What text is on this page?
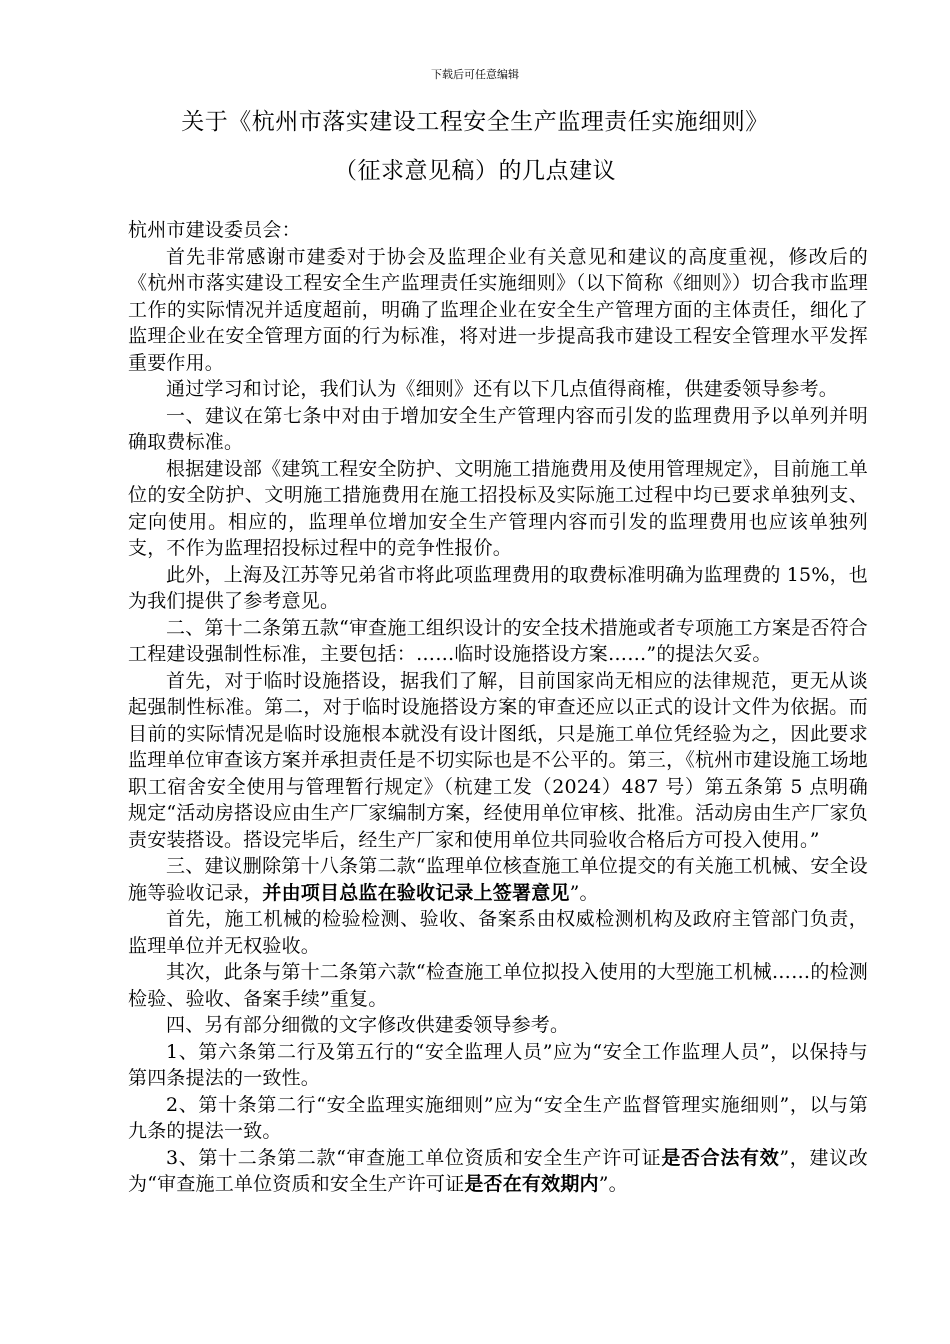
下载后可任意编辑
关于《杭州市落实建设工程安全生产监理责任实施细则》
（征求意见稿）的几点建议

杭州市建设委员会：

首先非常感谢市建委对于协会及监理企业有关意见和建议的高度重视，修改后的《杭州市落实建设工程安全生产监理责任实施细则》（以下简称《细则》）切合我市监理工作的实际情况并适度超前，明确了监理企业在安全生产管理方面的主体责任，细化了监理企业在安全管理方面的行为标准，将对进一步提高我市建设工程安全管理水平发挥重要作用。

通过学习和讨论，我们认为《细则》还有以下几点值得商榷，供建委领导参考。

一、建议在第七条中对由于增加安全生产管理内容而引发的监理费用予以单列并明确取费标准。

根据建设部《建筑工程安全防护、文明施工措施费用及使用管理规定》，目前施工单位的安全防护、文明施工措施费用在施工招投标及实际施工过程中均已要求单独列支、定向使用。相应的，监理单位增加安全生产管理内容而引发的监理费用也应该单独列支，不作为监理招投标过程中的竞争性报价。

此外，上海及江苏等兄弟省市将此项监理费用的取费标准明确为监理费的 15%，也为我们提供了参考意见。

二、第十二条第五款“审查施工组织设计的安全技术措施或者专项施工方案是否符合工程建设强制性标准，主要包括：……临时设施搭设方案……”的提法欠妥。

首先，对于临时设施搭设，据我们了解，目前国家尚无相应的法律规范，更无从谈起强制性标准。第二，对于临时设施搭设方案的审查还应以正式的设计文件为依据。而目前的实际情况是临时设施根本就没有设计图纸，只是施工单位凭经验为之，因此要求监理单位审查该方案并承担责任是不切实际也是不公平的。第三，《杭州市建设施工场地职工宿舍安全使用与管理暂行规定》（杭建工发（2024）487 号）第五条第 5 点明确规定“活动房搭设应由生产厂家编制方案，经使用单位审核、批准。活动房由生产厂家负责安装搭设。搭设完毕后，经生产厂家和使用单位共同验收合格后方可投入使用。”

三、建议删除第十八条第二款“监理单位核查施工单位提交的有关施工机械、安全设施等验收记录，并由项目总监在验收记录上签署意见”。

首先，施工机械的检验检测、验收、备案系由权威检测机构及政府主管部门负责，监理单位并无权验收。

其次，此条与第十二条第六款“检查施工单位拟投入使用的大型施工机械……的检测检验、验收、备案手续”重复。

四、另有部分细微的文字修改供建委领导参考。

1、第六条第二行及第五行的“安全监理人员”应为“安全工作监理人员”，以保持与第四条提法的一致性。

2、第十条第二行“安全监理实施细则”应为“安全生产监督管理实施细则”，以与第九条的提法一致。

3、第十二条第二款“审查施工单位资质和安全生产许可证是否合法有效”，建议改为“审查施工单位资质和安全生产许可证是否在有效期内”。
